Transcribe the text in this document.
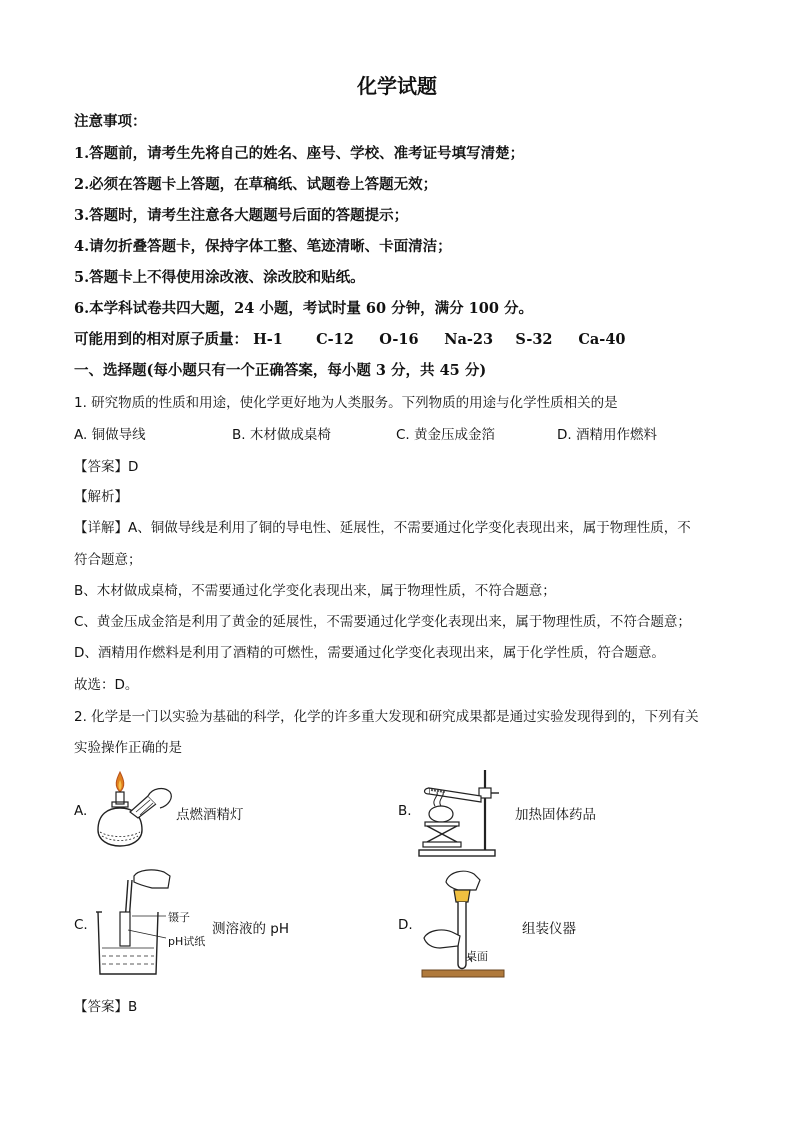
化学试题
注意事项：
1.答题前，请考生先将自己的姓名、座号、学校、准考证号填写清楚；
2.必须在答题卡上答题，在草稿纸、试题卷上答题无效；
3.答题时，请考生注意各大题题号后面的答题提示；
4.请勿折叠答题卡，保持字体工整、笔迹清晰、卡面清洁；
5.答题卡上不得使用涂改液、涂改胶和贴纸。
6.本学科试卷共四大题，24 小题，考试时量 60 分钟，满分 100 分。
可能用到的相对原子质量： H-1 C-12 O-16 Na-23 S-32 Ca-40
一、选择题(每小题只有一个正确答案，每小题 3 分，共 45 分)
1. 研究物质的性质和用途，使化学更好地为人类服务。下列物质的用途与化学性质相关的是
A. 铜做导线	B. 木材做成桌椅	C. 黄金压成金箔	D. 酒精用作燃料
【答案】D
【解析】
【详解】A、铜做导线是利用了铜的导电性、延展性，不需要通过化学变化表现出来，属于物理性质，不
符合题意；
B、木材做成桌椅，不需要通过化学变化表现出来，属于物理性质，不符合题意；
C、黄金压成金箔是利用了黄金的延展性，不需要通过化学变化表现出来，属于物理性质，不符合题意；
D、酒精用作燃料是利用了酒精的可燃性，需要通过化学变化表现出来，属于化学性质，符合题意。
故选：D。
2. 化学是一门以实验为基础的科学，化学的许多重大发现和研究成果都是通过实验发现得到的，下列有关
实验操作正确的是
A.	点燃酒精灯	B.	加热固体药品
C.	镊子
pH试纸
测溶液的 pH	D.
桌面
组装仪器
【答案】B
